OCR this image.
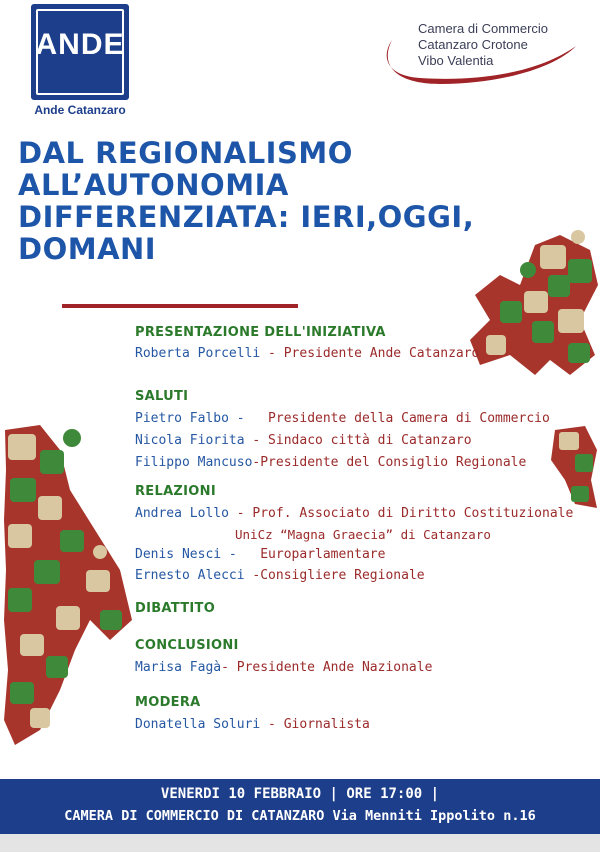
ANDE
Ande Catanzaro
Camera di Commercio
Catanzaro Crotone
Vibo Valentia
DAL REGIONALISMO
ALL’AUTONOMIA
DIFFERENZIATA: IERI,OGGI,
DOMANI
PRESENTAZIONE DELL'INIZIATIVA
Roberta Porcelli - Presidente Ande Catanzaro
SALUTI
Pietro Falbo -   Presidente della Camera di Commercio
Nicola Fiorita - Sindaco città di Catanzaro
Filippo Mancuso-Presidente del Consiglio Regionale
RELAZIONI
Andrea Lollo - Prof. Associato di Diritto Costituzionale
UniCz “Magna Graecia” di Catanzaro
Denis Nesci -   Europarlamentare
Ernesto Alecci -Consigliere Regionale
DIBATTITO
CONCLUSIONI
Marisa Fagà- Presidente Ande Nazionale
MODERA
Donatella Soluri - Giornalista
VENERDI 10 FEBBRAIO | ORE 17:00 |
CAMERA DI COMMERCIO DI CATANZARO Via Menniti Ippolito n.16
